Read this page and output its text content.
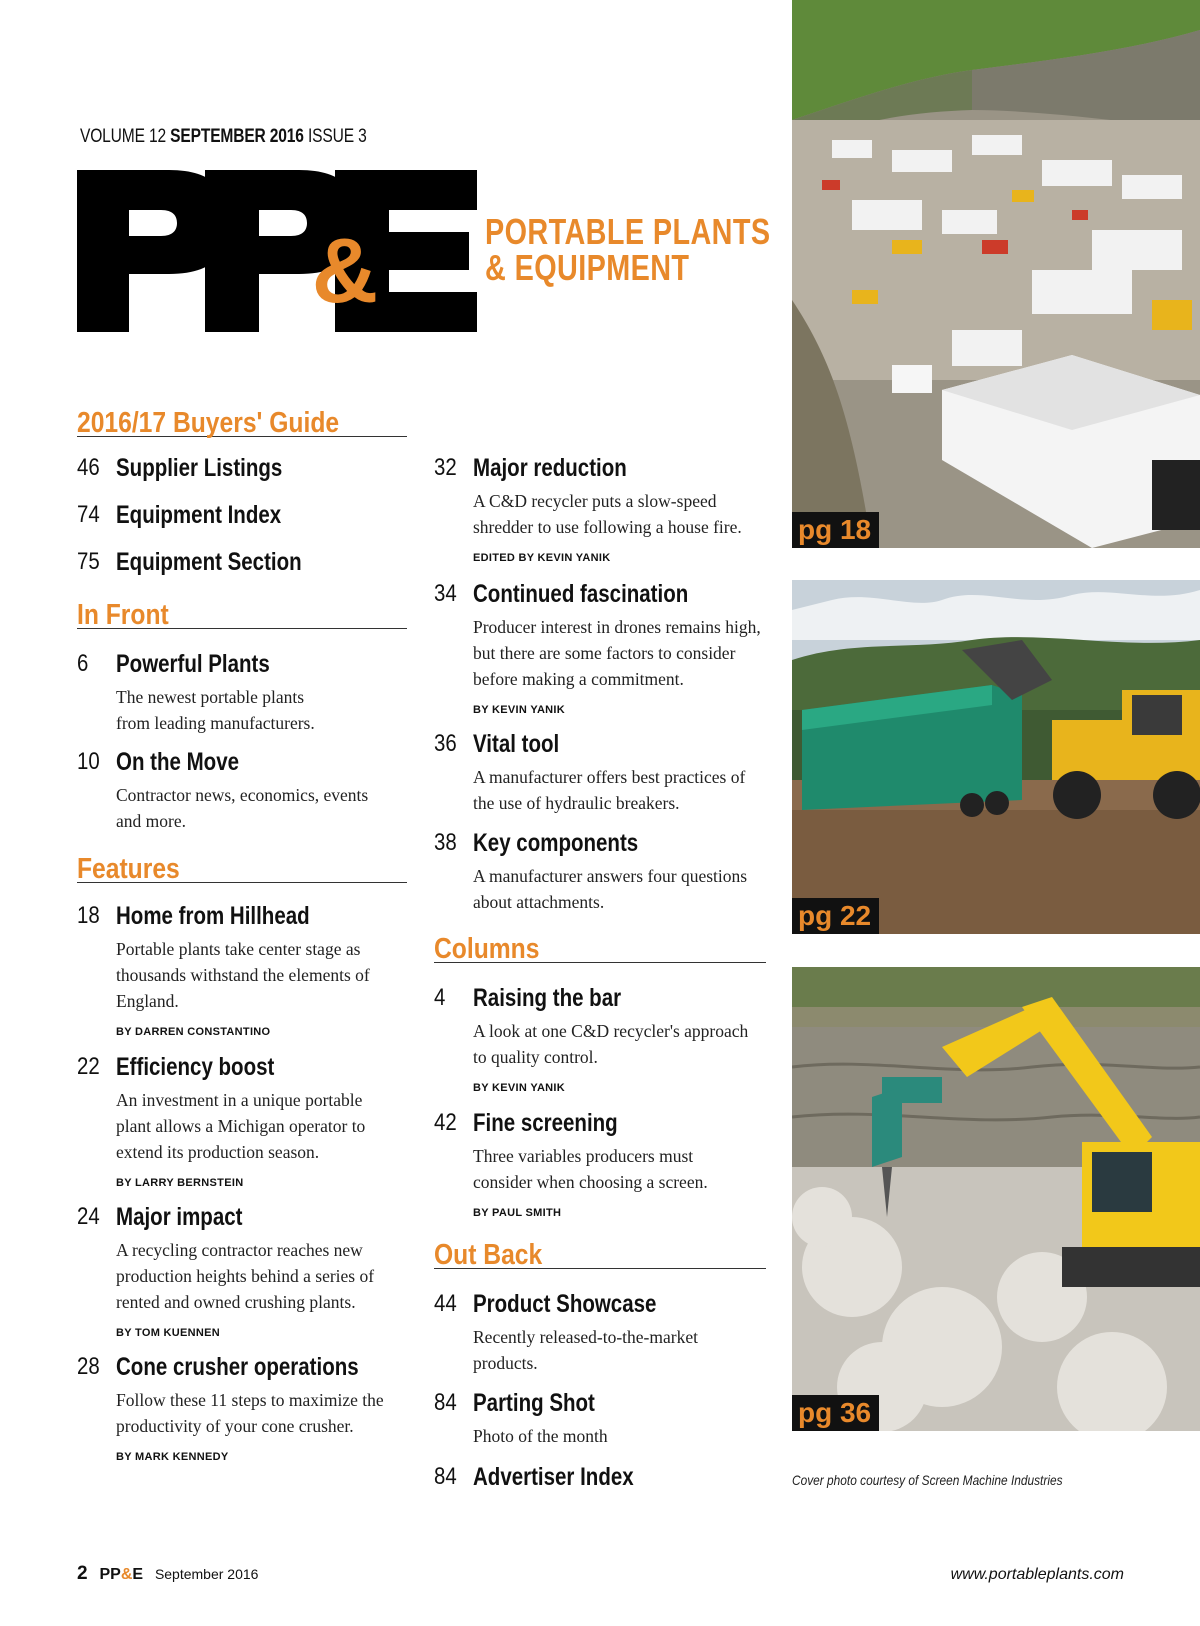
VOLUME 12 SEPTEMBER 2016 ISSUE 3
&	PORTABLE PLANTS
& EQUIPMENT
2016/17 Buyers' Guide
46 Supplier Listings
74 Equipment Index
75 Equipment Section
In Front
6 Powerful Plants
The newest portable plants from leading manufacturers.
10 On the Move
Contractor news, economics, events and more.
Features
18 Home from Hillhead
Portable plants take center stage as thousands withstand the elements of England.
BY DARREN CONSTANTINO
22 Efficiency boost
An investment in a unique portable plant allows a Michigan operator to extend its production season.
BY LARRY BERNSTEIN
24 Major impact
A recycling contractor reaches new production heights behind a series of rented and owned crushing plants.
BY TOM KUENNEN
28 Cone crusher operations
Follow these 11 steps to maximize the productivity of your cone crusher.
BY MARK KENNEDY
32 Major reduction
A C&D recycler puts a slow-speed shredder to use following a house fire.
EDITED BY KEVIN YANIK
34 Continued fascination
Producer interest in drones remains high, but there are some factors to consider before making a commitment.
BY KEVIN YANIK
36 Vital tool
A manufacturer offers best practices of the use of hydraulic breakers.
38 Key components
A manufacturer answers four questions about attachments.
Columns
4 Raising the bar
A look at one C&D recycler's approach to quality control.
BY KEVIN YANIK
42 Fine screening
Three variables producers must consider when choosing a screen.
BY PAUL SMITH
Out Back
44 Product Showcase
Recently released-to-the-market products.
84 Parting Shot
Photo of the month
84 Advertiser Index
pg 18
pg 22
pg 36
Cover photo courtesy of Screen Machine Industries
2 PP&E September 2016	www.portableplants.com
